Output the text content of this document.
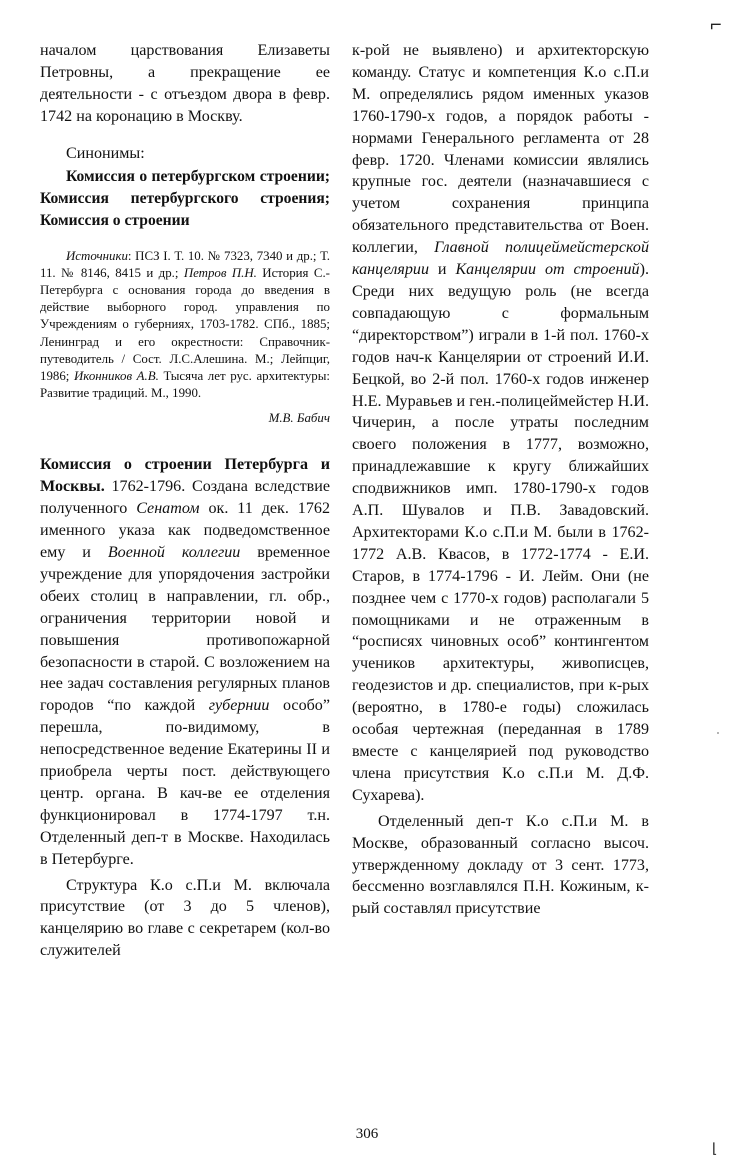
началом царствования Елизаветы Петровны, а прекращение ее деятельности - с отъездом двора в февр. 1742 на коронацию в Москву.

Синонимы:

Комиссия о петербургском строении; Комиссия петербургского строения; Комиссия о строении

Источники: ПСЗ I. Т. 10. № 7323, 7340 и др.; Т. 11. № 8146, 8415 и др.; Петров П.Н. История С.-Петербурга с основания города до введения в действие выборного город. управления по Учреждениям о губерниях, 1703-1782. СПб., 1885; Ленинград и его окрестности: Справочник-путеводитель / Сост. Л.С.Алешина. М.; Лейпциг, 1986; Иконников А.В. Тысяча лет рус. архитектуры: Развитие традиций. М., 1990.

М.В. Бабич

Комиссия о строении Петербурга и Москвы. 1762-1796. Создана вследствие полученного Сенатом ок. 11 дек. 1762 именного указа как подведомственное ему и Военной коллегии временное учреждение для упорядочения застройки обеих столиц в направлении, гл. обр., ограничения территории новой и повышения противопожарной безопасности в старой. С возложением на нее задач составления регулярных планов городов “по каждой губернии особо” перешла, по-видимому, в непосредственное ведение Екатерины II и приобрела черты пост. действующего центр. органа. В кач-ве ее отделения функционировал в 1774-1797 т.н. Отделенный деп-т в Москве. Находилась в Петербурге.

Структура К.о с.П.и М. включала присутствие (от 3 до 5 членов), канцелярию во главе с секретарем (кол-во служителей

к-рой не выявлено) и архитекторскую команду. Статус и компетенция К.о с.П.и М. определялись рядом именных указов 1760-1790-х годов, а порядок работы - нормами Генерального регламента от 28 февр. 1720. Членами комиссии являлись крупные гос. деятели (назначавшиеся с учетом сохранения принципа обязательного представительства от Воен. коллегии, Главной полицеймейстерской канцелярии и Канцелярии от строений). Среди них ведущую роль (не всегда совпадающую с формальным “директорством”) играли в 1-й пол. 1760-х годов нач-к Канцелярии от строений И.И. Бецкой, во 2-й пол. 1760-х годов инженер Н.Е. Муравьев и ген.-полицеймейстер Н.И. Чичерин, а после утраты последним своего положения в 1777, возможно, принадлежавшие к кругу ближайших сподвижников имп. 1780-1790-х годов А.П. Шувалов и П.В. Завадовский. Архитекторами К.о с.П.и М. были в 1762-1772 А.В. Квасов, в 1772-1774 - Е.И. Старов, в 1774-1796 - И. Лейм. Они (не позднее чем с 1770-х годов) располагали 5 помощниками и не отраженным в “росписях чиновных особ” контингентом учеников архитектуры, живописцев, геодезистов и др. специалистов, при к-рых (вероятно, в 1780-е годы) сложилась особая чертежная (переданная в 1789 вместе с канцелярией под руководство члена присутствия К.о с.П.и М. Д.Ф. Сухарева).

Отделенный деп-т К.о с.П.и М. в Москве, образованный согласно высоч. утвержденному докладу от 3 сент. 1773, бессменно возглавлялся П.Н. Кожиным, к-рый составлял присутствие

306
⌐
ˈ
⌊
